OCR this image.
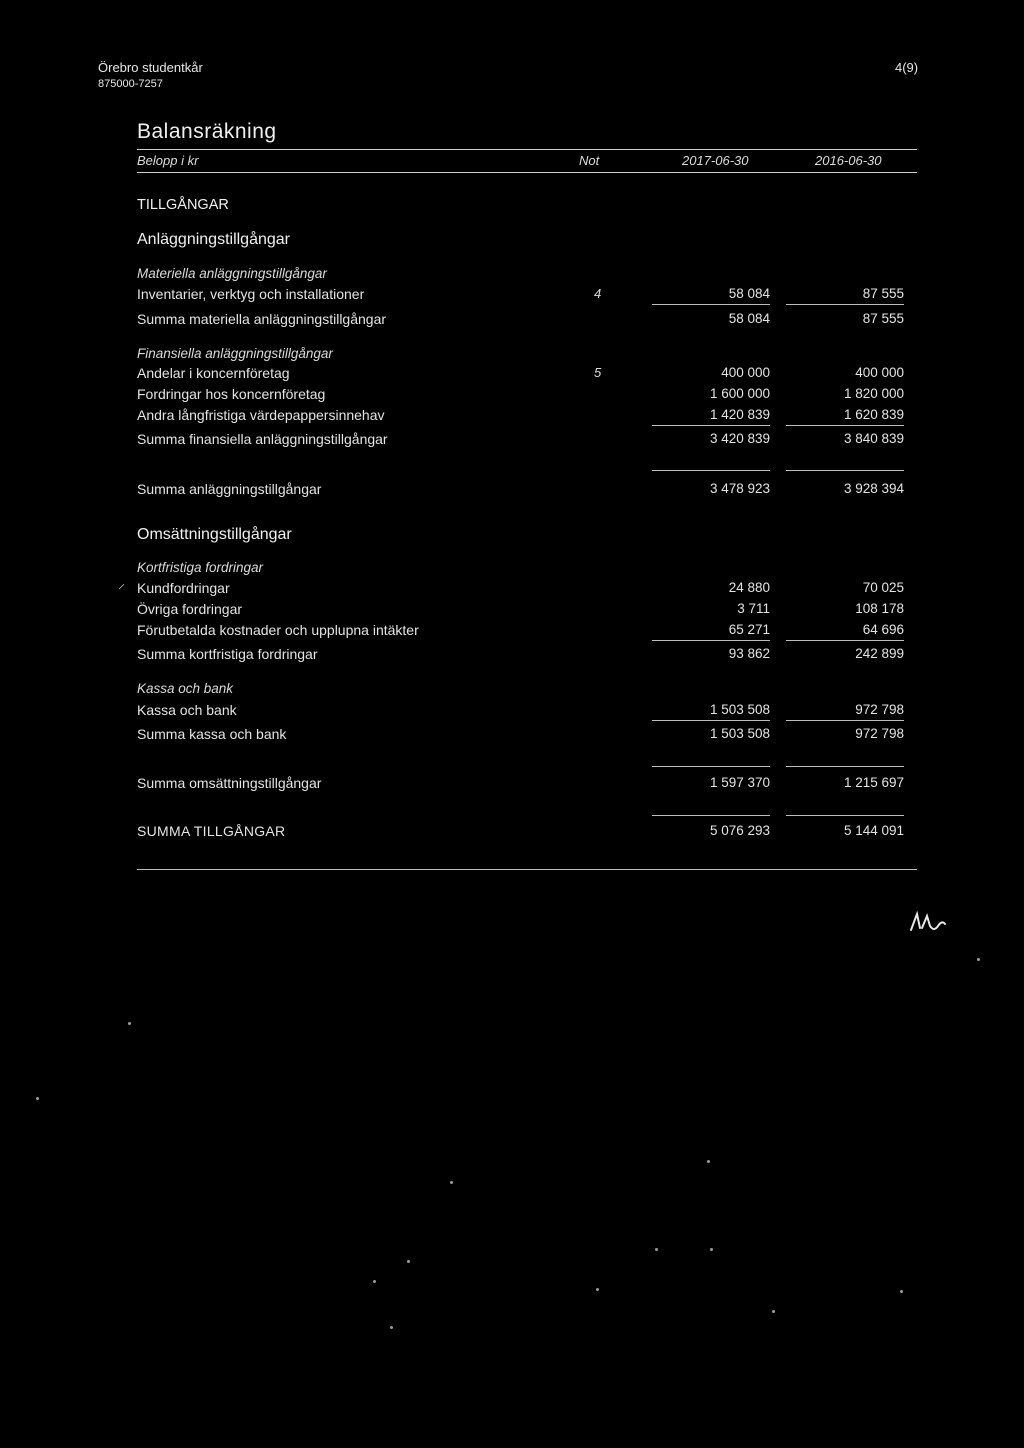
Örebro studentkår
875000-7257
4(9)
Balansräkning
Belopp i kr	Not	2017-06-30	2016-06-30
TILLGÅNGAR
Anläggningstillgångar
Materiella anläggningstillgångar
Inventarier, verktyg och installationer	4	58 084	87 555
Summa materiella anläggningstillgångar	58 084	87 555
Finansiella anläggningstillgångar
Andelar i koncernföretag	5	400 000	400 000
Fordringar hos koncernföretag	1 600 000	1 820 000
Andra långfristiga värdepappersinnehav	1 420 839	1 620 839
Summa finansiella anläggningstillgångar	3 420 839	3 840 839
Summa anläggningstillgångar	3 478 923	3 928 394
Omsättningstillgångar
Kortfristiga fordringar
Kundfordringar	24 880	70 025
Övriga fordringar	3 711	108 178
Förutbetalda kostnader och upplupna intäkter	65 271	64 696
Summa kortfristiga fordringar	93 862	242 899
Kassa och bank
Kassa och bank	1 503 508	972 798
Summa kassa och bank	1 503 508	972 798
Summa omsättningstillgångar	1 597 370	1 215 697
SUMMA TILLGÅNGAR	5 076 293	5 144 091
⸍
